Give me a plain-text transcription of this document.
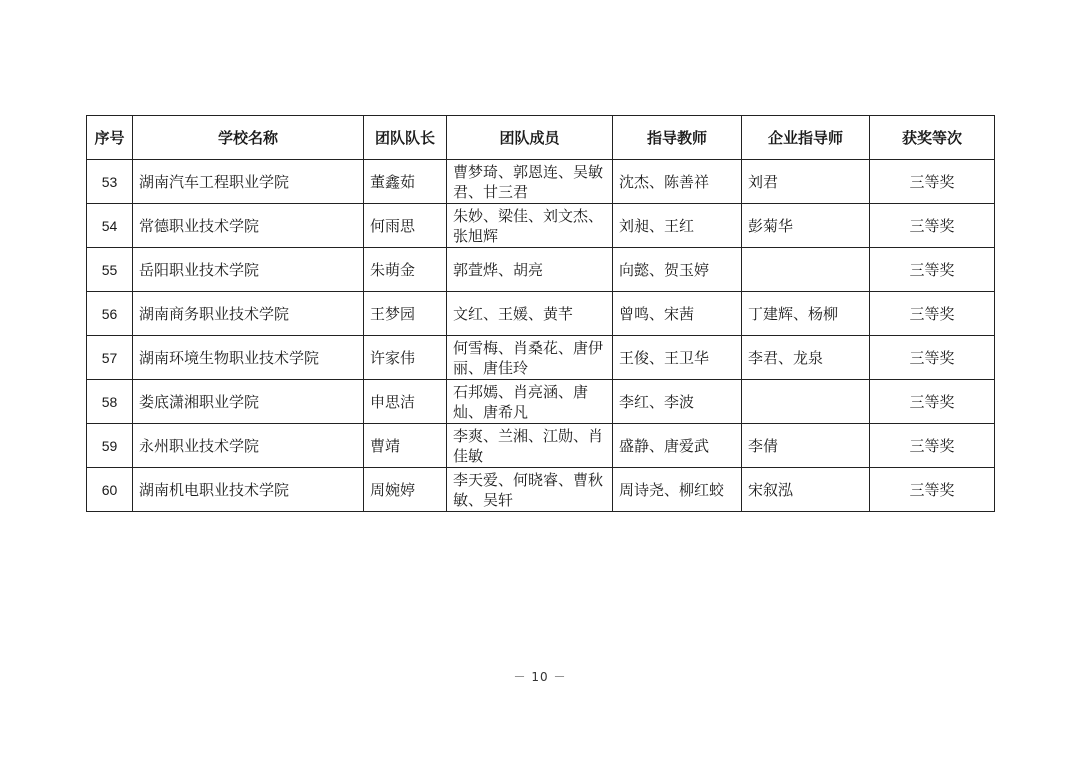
序号	学校名称	团队队长	团队成员	指导教师	企业指导师	获奖等次
53	湖南汽车工程职业学院	董鑫茹	曹梦琦、郭恩连、吴敏君、甘三君	沈杰、陈善祥	刘君	三等奖
54	常德职业技术学院	何雨思	朱妙、梁佳、刘文杰、张旭辉	刘昶、王红	彭菊华	三等奖
55	岳阳职业技术学院	朱萌金	郭萱烨、胡亮	向懿、贺玉婷		三等奖
56	湖南商务职业技术学院	王梦园	文红、王媛、黄芊	曾鸣、宋茜	丁建辉、杨柳	三等奖
57	湖南环境生物职业技术学院	许家伟	何雪梅、肖桑花、唐伊丽、唐佳玲	王俊、王卫华	李君、龙泉	三等奖
58	娄底潇湘职业学院	申思洁	石邦嫣、肖亮涵、唐灿、唐希凡	李红、李波		三等奖
59	永州职业技术学院	曹靖	李爽、兰湘、江勋、肖佳敏	盛静、唐爱武	李倩	三等奖
60	湖南机电职业技术学院	周婉婷	李天爱、何晓睿、曹秋敏、吴轩	周诗尧、柳红蛟	宋叙泓	三等奖
－ 10 －
